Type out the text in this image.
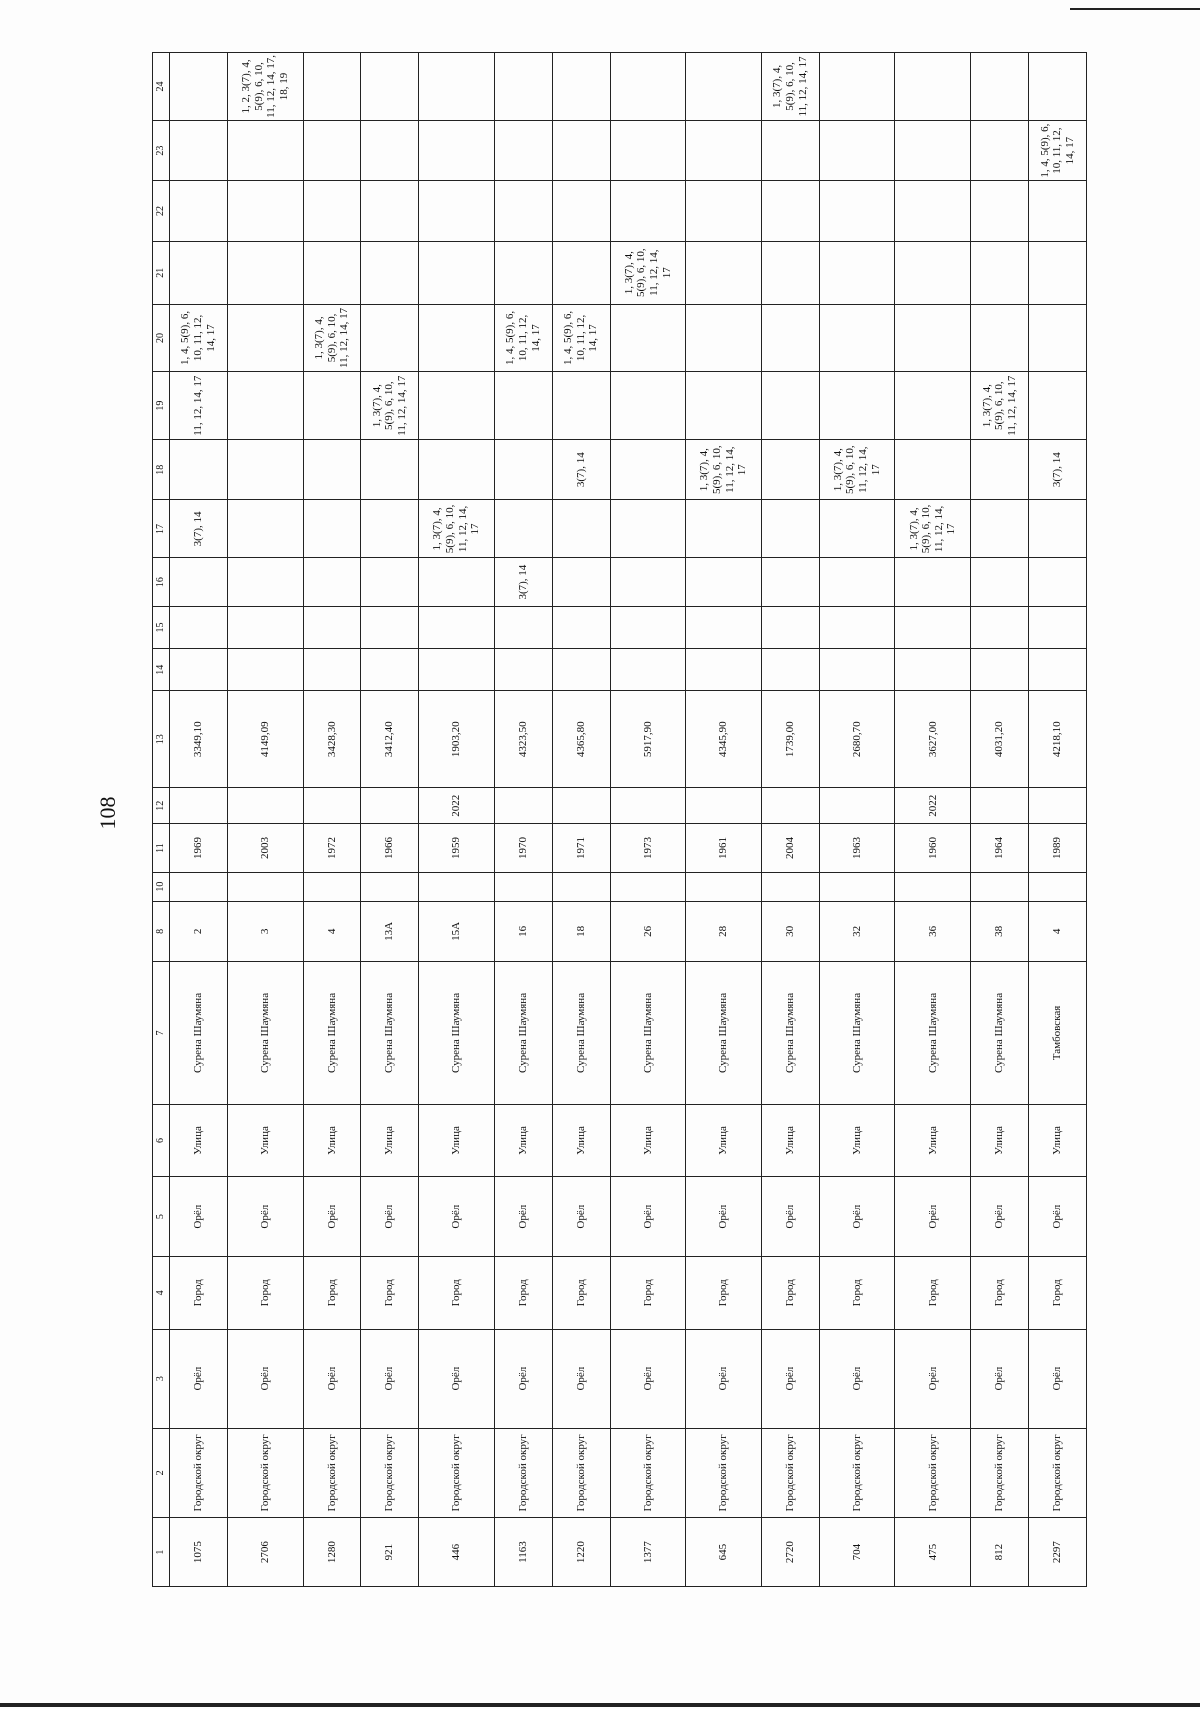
108
1	2	3	4	5	6	7	8	10	11	12	13	14	15	16	17	18	19	20	21	22	23	24

1075	Городской округ	Орёл	Город	Орёл	Улица	Сурена Шаумяна	2		1969		3349,10				3(7), 14		11, 12, 14, 17	1, 4, 5(9), 6, 10, 11, 12, 14, 17				

2706	Городской округ	Орёл	Город	Орёл	Улица	Сурена Шаумяна	3		2003		4149,09											1, 2, 3(7), 4, 5(9), 6, 10, 11, 12, 14, 17, 18, 19

1280	Городской округ	Орёл	Город	Орёл	Улица	Сурена Шаумяна	4		1972		3428,30							1, 3(7), 4, 5(9), 6, 10, 11, 12, 14, 17				

921	Городской округ	Орёл	Город	Орёл	Улица	Сурена Шаумяна	13А		1966		3412,40						1, 3(7), 4, 5(9), 6, 10, 11, 12, 14, 17					

446	Городской округ	Орёл	Город	Орёл	Улица	Сурена Шаумяна	15А		1959	2022	1903,20				1, 3(7), 4, 5(9), 6, 10, 11, 12, 14, 17							

1163	Городской округ	Орёл	Город	Орёл	Улица	Сурена Шаумяна	16		1970		4323,50			3(7), 14				1, 4, 5(9), 6, 10, 11, 12, 14, 17				

1220	Городской округ	Орёл	Город	Орёл	Улица	Сурена Шаумяна	18		1971		4365,80					3(7), 14		1, 4, 5(9), 6, 10, 11, 12, 14, 17				

1377	Городской округ	Орёл	Город	Орёл	Улица	Сурена Шаумяна	26		1973		5917,90								1, 3(7), 4, 5(9), 6, 10, 11, 12, 14, 17			

645	Городской округ	Орёл	Город	Орёл	Улица	Сурена Шаумяна	28		1961		4345,90					1, 3(7), 4, 5(9), 6, 10, 11, 12, 14, 17						

2720	Городской округ	Орёл	Город	Орёл	Улица	Сурена Шаумяна	30		2004		1739,00											1, 3(7), 4, 5(9), 6, 10, 11, 12, 14, 17

704	Городской округ	Орёл	Город	Орёл	Улица	Сурена Шаумяна	32		1963		2680,70					1, 3(7), 4, 5(9), 6, 10, 11, 12, 14, 17						

475	Городской округ	Орёл	Город	Орёл	Улица	Сурена Шаумяна	36		1960	2022	3627,00				1, 3(7), 4, 5(9), 6, 10, 11, 12, 14, 17							

812	Городской округ	Орёл	Город	Орёл	Улица	Сурена Шаумяна	38		1964		4031,20						1, 3(7), 4, 5(9), 6, 10, 11, 12, 14, 17					

2297	Городской округ	Орёл	Город	Орёл	Улица	Тамбовская	4		1989		4218,10					3(7), 14					1, 4, 5(9), 6, 10, 11, 12, 14, 17	
